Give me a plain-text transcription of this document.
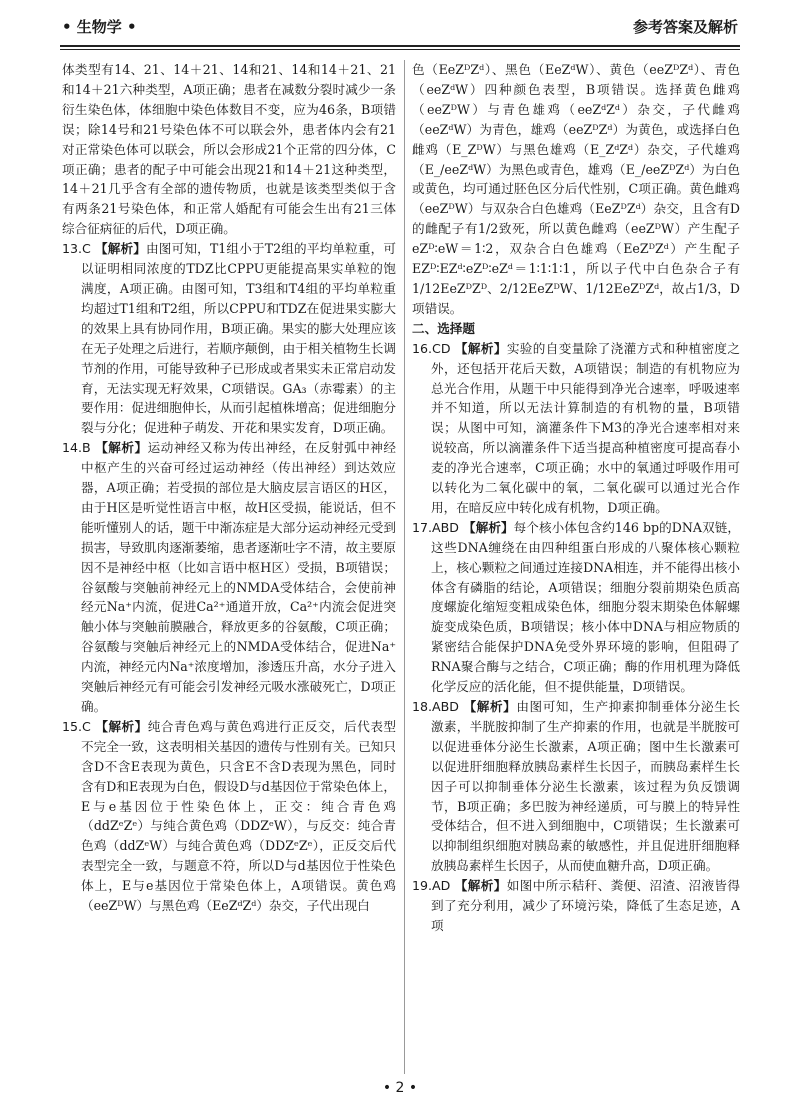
• 生物学 •	参考答案及解析

体类型有14、21、14＋21、14和21、14和14＋21、21和14＋21六种类型，A项正确；患者在减数分裂时减少一条衍生染色体，体细胞中染色体数目不变，应为46条，B项错误；除14号和21号染色体不可以联会外，患者体内会有21对正常染色体可以联会，所以会形成21个正常的四分体，C项正确；患者的配子中可能会出现21和14＋21这种类型，14＋21几乎含有全部的遗传物质，也就是该类型类似于含有两条21号染色体，和正常人婚配有可能会生出有21三体综合征病征的后代，D项正确。

13.C 【解析】由图可知，T1组小于T2组的平均单粒重，可以证明相同浓度的TDZ比CPPU更能提高果实单粒的饱满度，A项正确。由图可知，T3组和T4组的平均单粒重均超过T1组和T2组，所以CPPU和TDZ在促进果实膨大的效果上具有协同作用，B项正确。果实的膨大处理应该在无子处理之后进行，若顺序颠倒，由于相关植物生长调节剂的作用，可能导致种子已形成或者果实未正常启动发育，无法实现无籽效果，C项错误。GA₃（赤霉素）的主要作用：促进细胞伸长，从而引起植株增高；促进细胞分裂与分化；促进种子萌发、开花和果实发育，D项正确。

14.B 【解析】运动神经又称为传出神经，在反射弧中神经中枢产生的兴奋可经过运动神经（传出神经）到达效应器，A项正确；若受损的部位是大脑皮层言语区的H区，由于H区是听觉性语言中枢，故H区受损，能说话，但不能听懂别人的话，题干中渐冻症是大部分运动神经元受到损害，导致肌肉逐渐萎缩，患者逐渐吐字不清，故主要原因不是神经中枢（比如言语中枢H区）受损，B项错误；谷氨酸与突触前神经元上的NMDA受体结合，会使前神经元Na⁺内流，促进Ca²⁺通道开放，Ca²⁺内流会促进突触小体与突触前膜融合，释放更多的谷氨酸，C项正确；谷氨酸与突触后神经元上的NMDA受体结合，促进Na⁺内流，神经元内Na⁺浓度增加，渗透压升高，水分子进入突触后神经元有可能会引发神经元吸水涨破死亡，D项正确。

15.C 【解析】纯合青色鸡与黄色鸡进行正反交，后代表型不完全一致，这表明相关基因的遗传与性别有关。已知只含D不含E表现为黄色，只含E不含D表现为黑色，同时含有D和E表现为白色，假设D与d基因位于常染色体上，E与e基因位于性染色体上，正交：纯合青色鸡（ddZᵉZᵉ）与纯合黄色鸡（DDZᵉW），与反交：纯合青色鸡（ddZᵉW）与纯合黄色鸡（DDZᵉZᵉ），正反交后代表型完全一致，与题意不符，所以D与d基因位于性染色体上，E与e基因位于常染色体上，A项错误。黄色鸡（eeZᴰW）与黑色鸡（EeZᵈZᵈ）杂交，子代出现白

色（EeZᴰZᵈ）、黑色（EeZᵈW）、黄色（eeZᴰZᵈ）、青色（eeZᵈW）四种颜色表型，B项错误。选择黄色雌鸡（eeZᴰW）与青色雄鸡（eeZᵈZᵈ）杂交，子代雌鸡（eeZᵈW）为青色，雄鸡（eeZᴰZᵈ）为黄色，或选择白色雌鸡（E_ZᴰW）与黑色雄鸡（E_ZᵈZᵈ）杂交，子代雄鸡（E_/eeZᵈW）为黑色或青色，雄鸡（E_/eeZᴰZᵈ）为白色或黄色，均可通过胚色区分后代性别，C项正确。黄色雌鸡（eeZᴰW）与双杂合白色雄鸡（EeZᴰZᵈ）杂交，且含有D的雌配子有1/2致死，所以黄色雌鸡（eeZᴰW）产生配子eZᴰ∶eW＝1∶2，双杂合白色雄鸡（EeZᴰZᵈ）产生配子EZᴰ∶EZᵈ∶eZᴰ∶eZᵈ＝1∶1∶1∶1，所以子代中白色杂合子有1/12EeZᴰZᴰ、2/12EeZᴰW、1/12EeZᴰZᵈ，故占1/3，D项错误。

二、选择题

16.CD 【解析】实验的自变量除了浇灌方式和种植密度之外，还包括开花后天数，A项错误；制造的有机物应为总光合作用，从题干中只能得到净光合速率，呼吸速率并不知道，所以无法计算制造的有机物的量，B项错误；从图中可知，滴灌条件下M3的净光合速率相对来说较高，所以滴灌条件下适当提高种植密度可提高春小麦的净光合速率，C项正确；水中的氧通过呼吸作用可以转化为二氧化碳中的氧，二氧化碳可以通过光合作用，在暗反应中转化成有机物，D项正确。

17.ABD 【解析】每个核小体包含约146 bp的DNA双链，这些DNA缠绕在由四种组蛋白形成的八聚体核心颗粒上，核心颗粒之间通过连接DNA相连，并不能得出核小体含有磷脂的结论，A项错误；细胞分裂前期染色质高度螺旋化缩短变粗成染色体，细胞分裂末期染色体解螺旋变成染色质，B项错误；核小体中DNA与相应物质的紧密结合能保护DNA免受外界环境的影响，但阻碍了RNA聚合酶与之结合，C项正确；酶的作用机理为降低化学反应的活化能，但不提供能量，D项错误。

18.ABD 【解析】由图可知，生产抑素抑制垂体分泌生长激素，半胱胺抑制了生产抑素的作用，也就是半胱胺可以促进垂体分泌生长激素，A项正确；图中生长激素可以促进肝细胞释放胰岛素样生长因子，而胰岛素样生长因子可以抑制垂体分泌生长激素，该过程为负反馈调节，B项正确；多巴胺为神经递质，可与膜上的特异性受体结合，但不进入到细胞中，C项错误；生长激素可以抑制组织细胞对胰岛素的敏感性，并且促进肝细胞释放胰岛素样生长因子，从而使血糖升高，D项正确。

19.AD 【解析】如图中所示秸秆、粪便、沼渣、沼液皆得到了充分利用，减少了环境污染，降低了生态足迹，A项

• 2 •
